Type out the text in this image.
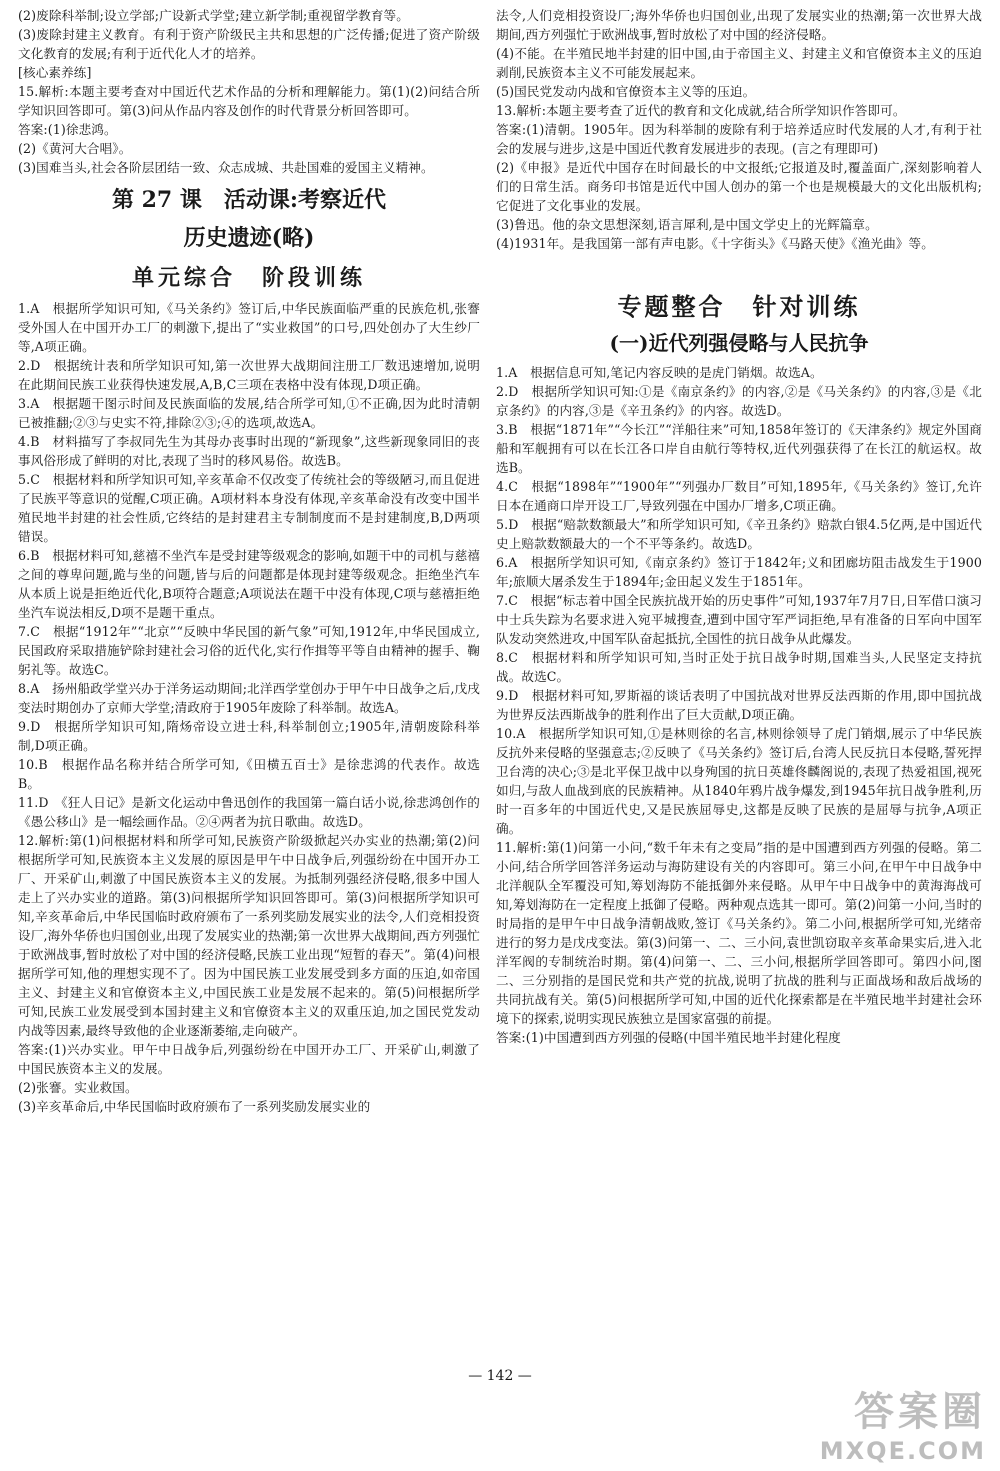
(2)废除科举制;设立学部;广设新式学堂;建立新学制;重视留学教育等。

(3)废除封建主义教育。有利于资产阶级民主共和思想的广泛传播;促进了资产阶级文化教育的发展;有利于近代化人才的培养。

[核心素养练]

15.解析:本题主要考查对中国近代艺术作品的分析和理解能力。第(1)(2)问结合所学知识回答即可。第(3)问从作品内容及创作的时代背景分析回答即可。

答案:(1)徐悲鸿。

(2)《黄河大合唱》。

(3)国难当头,社会各阶层团结一致、众志成城、共赴国难的爱国主义精神。

第 27 课　活动课:考察近代
历史遗迹(略)
单元综合　阶段训练

1.A　根据所学知识可知,《马关条约》签订后,中华民族面临严重的民族危机,张謇受外国人在中国开办工厂的刺激下,提出了“实业救国”的口号,四处创办了大生纱厂等,A项正确。

2.D　根据统计表和所学知识可知,第一次世界大战期间注册工厂数迅速增加,说明在此期间民族工业获得快速发展,A,B,C三项在表格中没有体现,D项正确。

3.A　根据题干图示时间及民族面临的发展,结合所学可知,①不正确,因为此时清朝已被推翻;②③与史实不符,排除②③;④的选项,故选A。

4.B　材料描写了李叔同先生为其母办丧事时出现的“新现象”,这些新现象同旧的丧事风俗形成了鲜明的对比,表现了当时的移风易俗。故选B。

5.C　根据材料和所学知识可知,辛亥革命不仅改变了传统社会的等级陋习,而且促进了民族平等意识的觉醒,C项正确。A项材料本身没有体现,辛亥革命没有改变中国半殖民地半封建的社会性质,它终结的是封建君主专制制度而不是封建制度,B,D两项错误。

6.B　根据材料可知,慈禧不坐汽车是受封建等级观念的影响,如题干中的司机与慈禧之间的尊卑问题,跪与坐的问题,皆与后的问题都是体现封建等级观念。拒绝坐汽车从本质上说是拒绝近代化,B项符合题意;A项说法在题干中没有体现,C项与慈禧拒绝坐汽车说法相反,D项不是题干重点。

7.C　根据“1912年”“北京”“反映中华民国的新气象”可知,1912年,中华民国成立,民国政府采取措施铲除封建社会习俗的近代化,实行作揖等平等自由精神的握手、鞠躬礼等。故选C。

8.A　扬州船政学堂兴办于洋务运动期间;北洋西学堂创办于甲午中日战争之后,戊戌变法时期创办了京师大学堂;清政府于1905年废除了科举制。故选A。

9.D　根据所学知识可知,隋炀帝设立进士科,科举制创立;1905年,清朝废除科举制,D项正确。

10.B　根据作品名称并结合所学可知,《田横五百士》是徐悲鸿的代表作。故选B。

11.D　《狂人日记》是新文化运动中鲁迅创作的我国第一篇白话小说,徐悲鸿创作的《愚公移山》是一幅绘画作品。②④两者为抗日歌曲。故选D。

12.解析:第(1)问根据材料和所学可知,民族资产阶级掀起兴办实业的热潮;第(2)问根据所学可知,民族资本主义发展的原因是甲午中日战争后,列强纷纷在中国开办工厂、开采矿山,刺激了中国民族资本主义的发展。为抵制列强经济侵略,很多中国人走上了兴办实业的道路。第(3)问根据所学知识回答即可。第(3)问根据所学知识可知,辛亥革命后,中华民国临时政府颁布了一系列奖励发展实业的法令,人们竞相投资设厂,海外华侨也归国创业,出现了发展实业的热潮;第一次世界大战期间,西方列强忙于欧洲战事,暂时放松了对中国的经济侵略,民族工业出现“短暂的春天”。第(4)问根据所学可知,他的理想实现不了。因为中国民族工业发展受到多方面的压迫,如帝国主义、封建主义和官僚资本主义,中国民族工业是发展不起来的。第(5)问根据所学可知,民族工业发展受到本国封建主义和官僚资本主义的双重压迫,加之国民党发动内战等因素,最终导致他的企业逐渐萎缩,走向破产。

答案:(1)兴办实业。甲午中日战争后,列强纷纷在中国开办工厂、开采矿山,刺激了中国民族资本主义的发展。

(2)张謇。实业救国。

(3)辛亥革命后,中华民国临时政府颁布了一系列奖励发展实业的

法令,人们竞相投资设厂;海外华侨也归国创业,出现了发展实业的热潮;第一次世界大战期间,西方列强忙于欧洲战事,暂时放松了对中国的经济侵略。

(4)不能。在半殖民地半封建的旧中国,由于帝国主义、封建主义和官僚资本主义的压迫剥削,民族资本主义不可能发展起来。

(5)国民党发动内战和官僚资本主义等的压迫。

13.解析:本题主要考查了近代的教育和文化成就,结合所学知识作答即可。

答案:(1)清朝。1905年。因为科举制的废除有利于培养适应时代发展的人才,有利于社会的发展与进步,这是中国近代教育发展进步的表现。(言之有理即可)

(2)《申报》是近代中国存在时间最长的中文报纸;它报道及时,覆盖面广,深刻影响着人们的日常生活。商务印书馆是近代中国人创办的第一个也是规模最大的文化出版机构;它促进了文化事业的发展。

(3)鲁迅。他的杂文思想深刻,语言犀利,是中国文学史上的光辉篇章。

(4)1931年。是我国第一部有声电影。《十字街头》《马路天使》《渔光曲》等。

专题整合　针对训练
(一)近代列强侵略与人民抗争

1.A　根据信息可知,笔记内容反映的是虎门销烟。故选A。

2.D　根据所学知识可知:①是《南京条约》的内容,②是《马关条约》的内容,③是《北京条约》的内容,③是《辛丑条约》的内容。故选D。

3.B　根据“1871年”“今长江”“洋船往来”可知,1858年签订的《天津条约》规定外国商船和军舰拥有可以在长江各口岸自由航行等特权,近代列强获得了在长江的航运权。故选B。

4.C　根据“1898年”“1900年”“列强办厂数目”可知,1895年,《马关条约》签订,允许日本在通商口岸开设工厂,导致列强在中国办厂增多,C项正确。

5.D　根据“赔款数额最大”和所学知识可知,《辛丑条约》赔款白银4.5亿两,是中国近代史上赔款数额最大的一个不平等条约。故选D。

6.A　根据所学知识可知,《南京条约》签订于1842年;义和团廊坊阻击战发生于1900年;旅顺大屠杀发生于1894年;金田起义发生于1851年。

7.C　根据“标志着中国全民族抗战开始的历史事件”可知,1937年7月7日,日军借口演习中士兵失踪为名要求进入宛平城搜查,遭到中国守军严词拒绝,早有准备的日军向中国军队发动突然进攻,中国军队奋起抵抗,全国性的抗日战争从此爆发。

8.C　根据材料和所学知识可知,当时正处于抗日战争时期,国难当头,人民坚定支持抗战。故选C。

9.D　根据材料可知,罗斯福的谈话表明了中国抗战对世界反法西斯的作用,即中国抗战为世界反法西斯战争的胜利作出了巨大贡献,D项正确。

10.A　根据所学知识可知,①是林则徐的名言,林则徐领导了虎门销烟,展示了中华民族反抗外来侵略的坚强意志;②反映了《马关条约》签订后,台湾人民反抗日本侵略,誓死捍卫台湾的决心;③是北平保卫战中以身殉国的抗日英雄佟麟阁说的,表现了热爱祖国,视死如归,与敌人血战到底的民族精神。从1840年鸦片战争爆发,到1945年抗日战争胜利,历时一百多年的中国近代史,又是民族屈辱史,这都是反映了民族的是屈辱与抗争,A项正确。

11.解析:第(1)问第一小问,“数千年未有之变局”指的是中国遭到西方列强的侵略。第二小问,结合所学回答洋务运动与海防建设有关的内容即可。第三小问,在甲午中日战争中北洋舰队全军覆没可知,筹划海防不能抵御外来侵略。从甲午中日战争中的黄海海战可知,筹划海防在一定程度上抵御了侵略。两种观点选其一即可。第(2)问第一小问,当时的时局指的是甲午中日战争清朝战败,签订《马关条约》。第二小问,根据所学可知,光绪帝进行的努力是戊戌变法。第(3)问第一、二、三小问,袁世凯窃取辛亥革命果实后,进入北洋军阀的专制统治时期。第(4)问第一、二、三小问,根据所学回答即可。第四小问,图二、三分别指的是国民党和共产党的抗战,说明了抗战的胜利与正面战场和敌后战场的共同抗战有关。第(5)问根据所学可知,中国的近代化探索都是在半殖民地半封建社会环境下的探索,说明实现民族独立是国家富强的前提。

答案:(1)中国遭到西方列强的侵略(中国半殖民地半封建化程度

— 142 —
答案圈
MXQE.COM
